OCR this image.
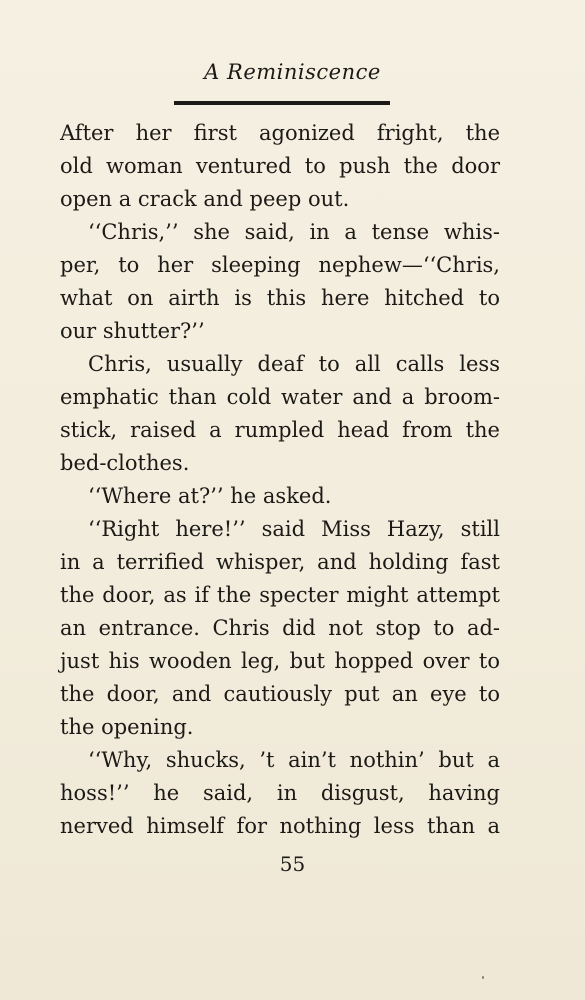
A Reminiscence
After her first agonized fright, the
old woman ventured to push the door
open a crack and peep out.
‘‘Chris,’’ she said, in a tense whis-
per, to her sleeping nephew—‘‘Chris,
what on airth is this here hitched to
our shutter?’’
Chris, usually deaf to all calls less
emphatic than cold water and a broom-
stick, raised a rumpled head from the
bed-clothes.
‘‘Where at?’’ he asked.
‘‘Right here!’’ said Miss Hazy, still
in a terrified whisper, and holding fast
the door, as if the specter might attempt
an entrance. Chris did not stop to ad-
just his wooden leg, but hopped over to
the door, and cautiously put an eye to
the opening.
‘‘Why, shucks, ’t ain’t nothin’ but a
hoss!’’ he said, in disgust, having
nerved himself for nothing less than a
55
